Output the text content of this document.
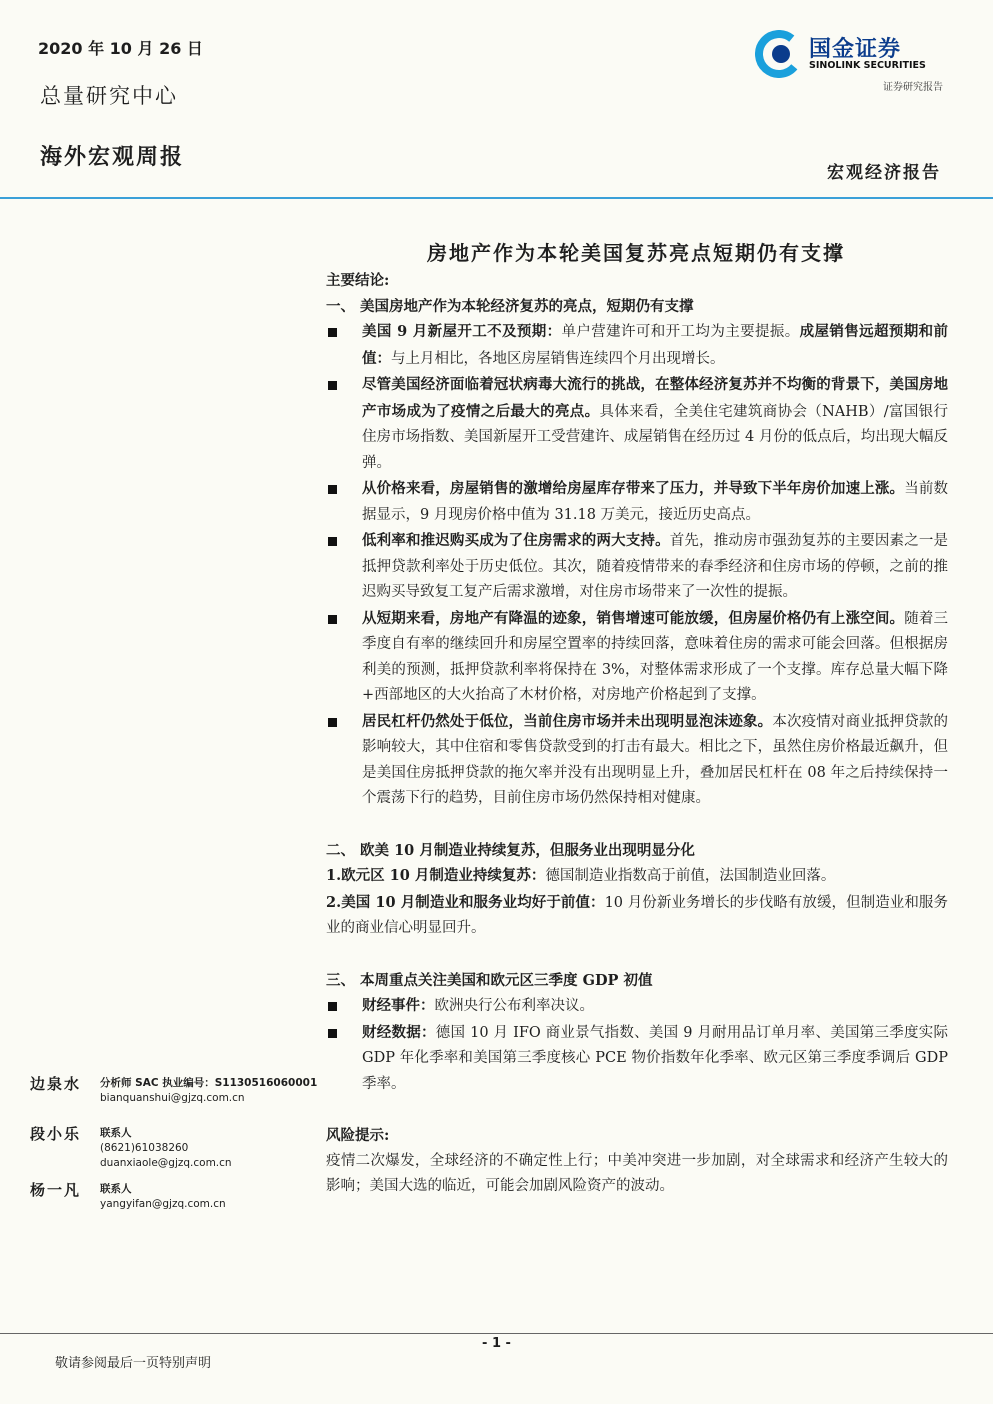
2020 年 10 月 26 日
总量研究中心
海外宏观周报
国金证券
SINOLINK SECURITIES
证券研究报告
宏观经济报告
房地产作为本轮美国复苏亮点短期仍有支撑

主要结论:

一、 美国房地产作为本轮经济复苏的亮点，短期仍有支撑

美国 9 月新屋开工不及预期：单户营建许可和开工均为主要提振。成屋销售远超预期和前值：与上月相比，各地区房屋销售连续四个月出现增长。

尽管美国经济面临着冠状病毒大流行的挑战，在整体经济复苏并不均衡的背景下，美国房地产市场成为了疫情之后最大的亮点。具体来看，全美住宅建筑商协会（NAHB）/富国银行住房市场指数、美国新屋开工受营建许、成屋销售在经历过 4 月份的低点后，均出现大幅反弹。

从价格来看，房屋销售的激增给房屋库存带来了压力，并导致下半年房价加速上涨。当前数据显示，9 月现房价格中值为 31.18 万美元，接近历史高点。

低利率和推迟购买成为了住房需求的两大支持。首先，推动房市强劲复苏的主要因素之一是抵押贷款利率处于历史低位。其次，随着疫情带来的春季经济和住房市场的停顿，之前的推迟购买导致复工复产后需求激增，对住房市场带来了一次性的提振。

从短期来看，房地产有降温的迹象，销售增速可能放缓，但房屋价格仍有上涨空间。随着三季度自有率的继续回升和房屋空置率的持续回落，意味着住房的需求可能会回落。但根据房利美的预测，抵押贷款利率将保持在 3%，对整体需求形成了一个支撑。库存总量大幅下降+西部地区的大火抬高了木材价格，对房地产价格起到了支撑。

居民杠杆仍然处于低位，当前住房市场并未出现明显泡沫迹象。本次疫情对商业抵押贷款的影响较大，其中住宿和零售贷款受到的打击有最大。相比之下，虽然住房价格最近飙升，但是美国住房抵押贷款的拖欠率并没有出现明显上升，叠加居民杠杆在 08 年之后持续保持一个震荡下行的趋势，目前住房市场仍然保持相对健康。

二、 欧美 10 月制造业持续复苏，但服务业出现明显分化

1.欧元区 10 月制造业持续复苏：德国制造业指数高于前值，法国制造业回落。

2.美国 10 月制造业和服务业均好于前值：10 月份新业务增长的步伐略有放缓，但制造业和服务业的商业信心明显回升。

三、 本周重点关注美国和欧元区三季度 GDP 初值

财经事件：欧洲央行公布利率决议。

财经数据：德国 10 月 IFO 商业景气指数、美国 9 月耐用品订单月率、美国第三季度实际 GDP 年化季率和美国第三季度核心 PCE 物价指数年化季率、欧元区第三季度季调后 GDP 季率。

风险提示:

疫情二次爆发，全球经济的不确定性上行；中美冲突进一步加剧，对全球需求和经济产生较大的影响；美国大选的临近，可能会加剧风险资产的波动。

边泉水 分析师 SAC 执业编号：S1130516060001
bianquanshui@gjzq.com.cn
段小乐 联系人
(8621)61038260
duanxiaole@gjzq.com.cn
杨一凡 联系人
yangyifan@gjzq.com.cn
- 1 -
敬请参阅最后一页特别声明
